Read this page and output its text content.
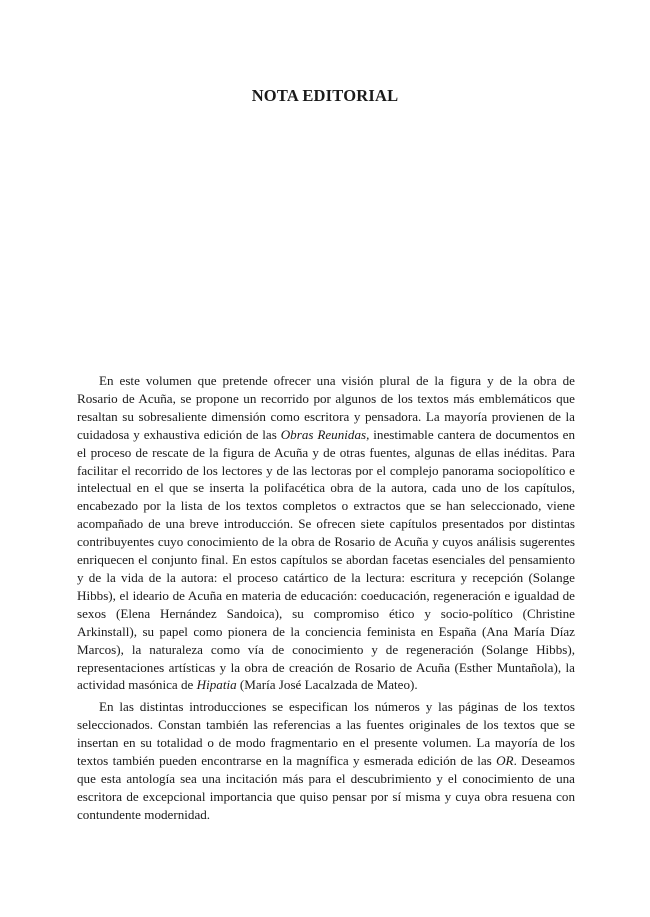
NOTA EDITORIAL

En este volumen que pretende ofrecer una visión plural de la figura y de la obra de Rosario de Acuña, se propone un recorrido por algunos de los textos más emblemáticos que resaltan su sobresaliente dimensión como escritora y pensadora. La mayoría provienen de la cuidadosa y exhaustiva edición de las Obras Reunidas, inestimable cantera de documentos en el proceso de rescate de la figura de Acuña y de otras fuentes, algunas de ellas inéditas. Para facilitar el recorrido de los lectores y de las lectoras por el complejo panorama sociopolítico e intelectual en el que se inserta la polifacética obra de la autora, cada uno de los capítulos, encabezado por la lista de los textos completos o extractos que se han seleccionado, viene acompañado de una breve introducción. Se ofrecen siete capítulos presentados por distintas contribuyentes cuyo conocimiento de la obra de Rosario de Acuña y cuyos análisis sugerentes enriquecen el conjunto final. En estos capítulos se abordan facetas esenciales del pensamiento y de la vida de la autora: el proceso catártico de la lectura: escritura y recepción (Solange Hibbs), el ideario de Acuña en materia de educación: coeducación, regeneración e igualdad de sexos (Elena Hernández Sandoica), su compromiso ético y socio-político (Christine Arkinstall), su papel como pionera de la conciencia feminista en España (Ana María Díaz Marcos), la naturaleza como vía de conocimiento y de regeneración (Solange Hibbs), representaciones artísticas y la obra de creación de Rosario de Acuña (Esther Muntañola), la actividad masónica de Hipatia (María José Lacalzada de Mateo).

En las distintas introducciones se especifican los números y las páginas de los textos seleccionados. Constan también las referencias a las fuentes originales de los textos que se insertan en su totalidad o de modo fragmentario en el presente volumen. La mayoría de los textos también pueden encontrarse en la magnífica y esmerada edición de las OR. Deseamos que esta antología sea una incitación más para el descubrimiento y el conocimiento de una escritora de excepcional importancia que quiso pensar por sí misma y cuya obra resuena con contundente modernidad.
